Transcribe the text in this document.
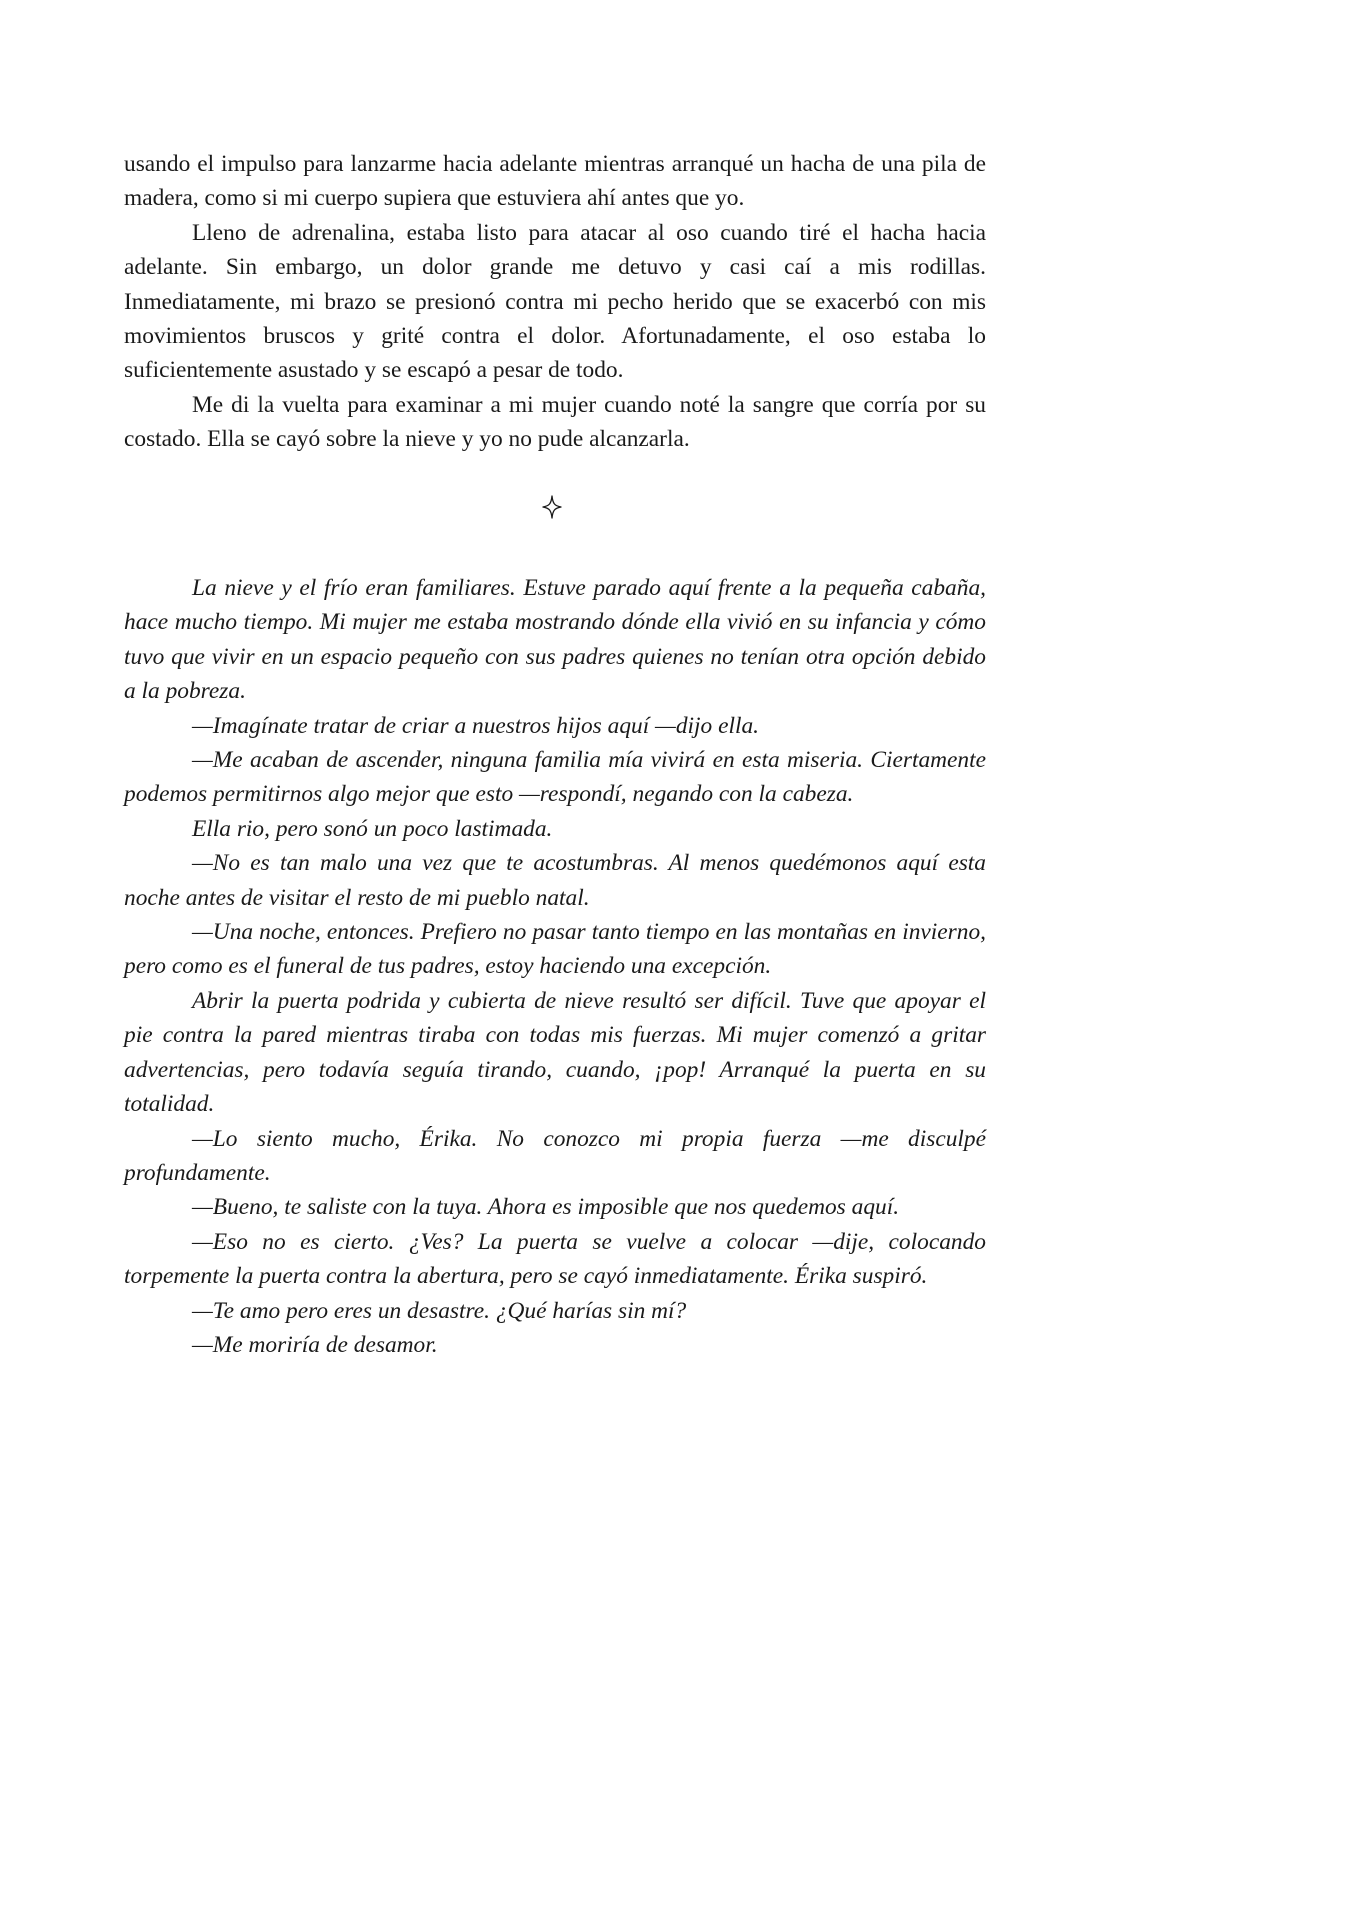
usando el impulso para lanzarme hacia adelante mientras arranqué un hacha de una pila de madera, como si mi cuerpo supiera que estuviera ahí antes que yo.

Lleno de adrenalina, estaba listo para atacar al oso cuando tiré el hacha hacia adelante. Sin embargo, un dolor grande me detuvo y casi caí a mis rodillas. Inmediatamente, mi brazo se presionó contra mi pecho herido que se exacerbó con mis movimientos bruscos y grité contra el dolor. Afortunadamente, el oso estaba lo suficientemente asustado y se escapó a pesar de todo.

Me di la vuelta para examinar a mi mujer cuando noté la sangre que corría por su costado. Ella se cayó sobre la nieve y yo no pude alcanzarla.

La nieve y el frío eran familiares. Estuve parado aquí frente a la pequeña cabaña, hace mucho tiempo. Mi mujer me estaba mostrando dónde ella vivió en su infancia y cómo tuvo que vivir en un espacio pequeño con sus padres quienes no tenían otra opción debido a la pobreza.

—Imagínate tratar de criar a nuestros hijos aquí —dijo ella.

—Me acaban de ascender, ninguna familia mía vivirá en esta miseria. Ciertamente podemos permitirnos algo mejor que esto —respondí, negando con la cabeza.

Ella rio, pero sonó un poco lastimada.

—No es tan malo una vez que te acostumbras. Al menos quedémonos aquí esta noche antes de visitar el resto de mi pueblo natal.

—Una noche, entonces. Prefiero no pasar tanto tiempo en las montañas en invierno, pero como es el funeral de tus padres, estoy haciendo una excepción.

Abrir la puerta podrida y cubierta de nieve resultó ser difícil. Tuve que apoyar el pie contra la pared mientras tiraba con todas mis fuerzas. Mi mujer comenzó a gritar advertencias, pero todavía seguía tirando, cuando, ¡pop! Arranqué la puerta en su totalidad.

—Lo siento mucho, Érika. No conozco mi propia fuerza —me disculpé profundamente.

—Bueno, te saliste con la tuya. Ahora es imposible que nos quedemos aquí.

—Eso no es cierto. ¿Ves? La puerta se vuelve a colocar —dije, colocando torpemente la puerta contra la abertura, pero se cayó inmediatamente. Érika suspiró.

—Te amo pero eres un desastre. ¿Qué harías sin mí?

—Me moriría de desamor.
